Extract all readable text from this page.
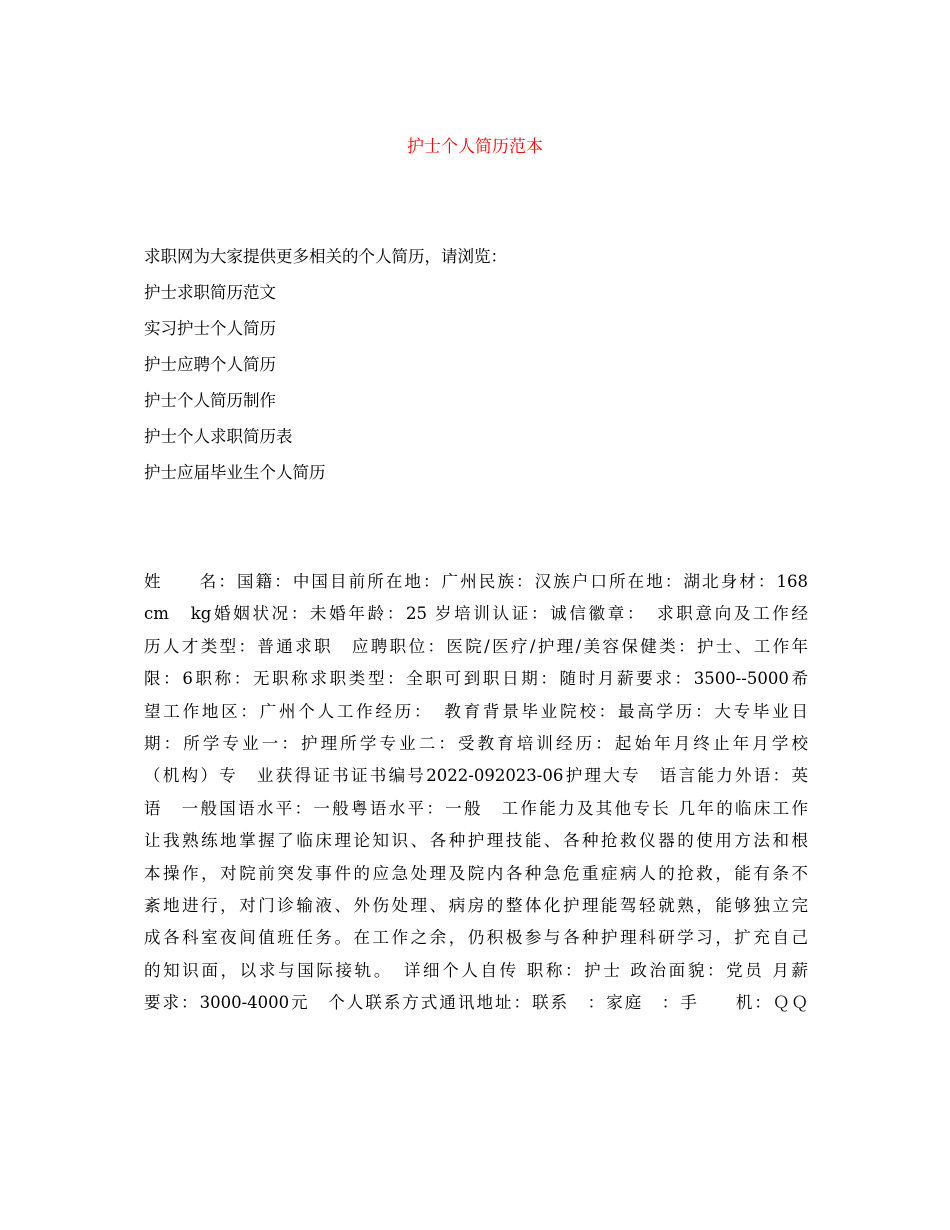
护士个人简历范本
求职网为大家提供更多相关的个人简历，请浏览：
护士求职简历范文
实习护士个人简历
护士应聘个人简历
护士个人简历制作
护士个人求职简历表
护士应届毕业生个人简历
姓　　名：国籍：中国目前所在地：广州民族：汉族户口所在地：湖北身材：168
cm　kg婚姻状况：未婚年龄：25 岁培训认证：诚信徽章：　求职意向及工作经
历人才类型：普通求职　应聘职位：医院/医疗/护理/美容保健类：护士、工作年
限：6职称：无职称求职类型：全职可到职日期：随时月薪要求：3500--5000希
望工作地区：广州个人工作经历：　教育背景毕业院校：最高学历：大专毕业日
期：所学专业一：护理所学专业二：受教育培训经历：起始年月终止年月学校
（机构）专　业获得证书证书编号2022-092023-06护理大专　语言能力外语：英
语　一般国语水平：一般粤语水平：一般　工作能力及其他专长 几年的临床工作
让我熟练地掌握了临床理论知识、各种护理技能、各种抢救仪器的使用方法和根
本操作，对院前突发事件的应急处理及院内各种急危重症病人的抢救，能有条不
紊地进行，对门诊输液、外伤处理、病房的整体化护理能驾轻就熟，能够独立完
成各科室夜间值班任务。在工作之余，仍积极参与各种护理科研学习，扩充自己
的知识面，以求与国际接轨。　详细个人自传 职称：护士 政治面貌：党员 月薪
要求：3000-4000元　个人联系方式通讯地址：联系　：家庭　：手　　机：ＱＱ
